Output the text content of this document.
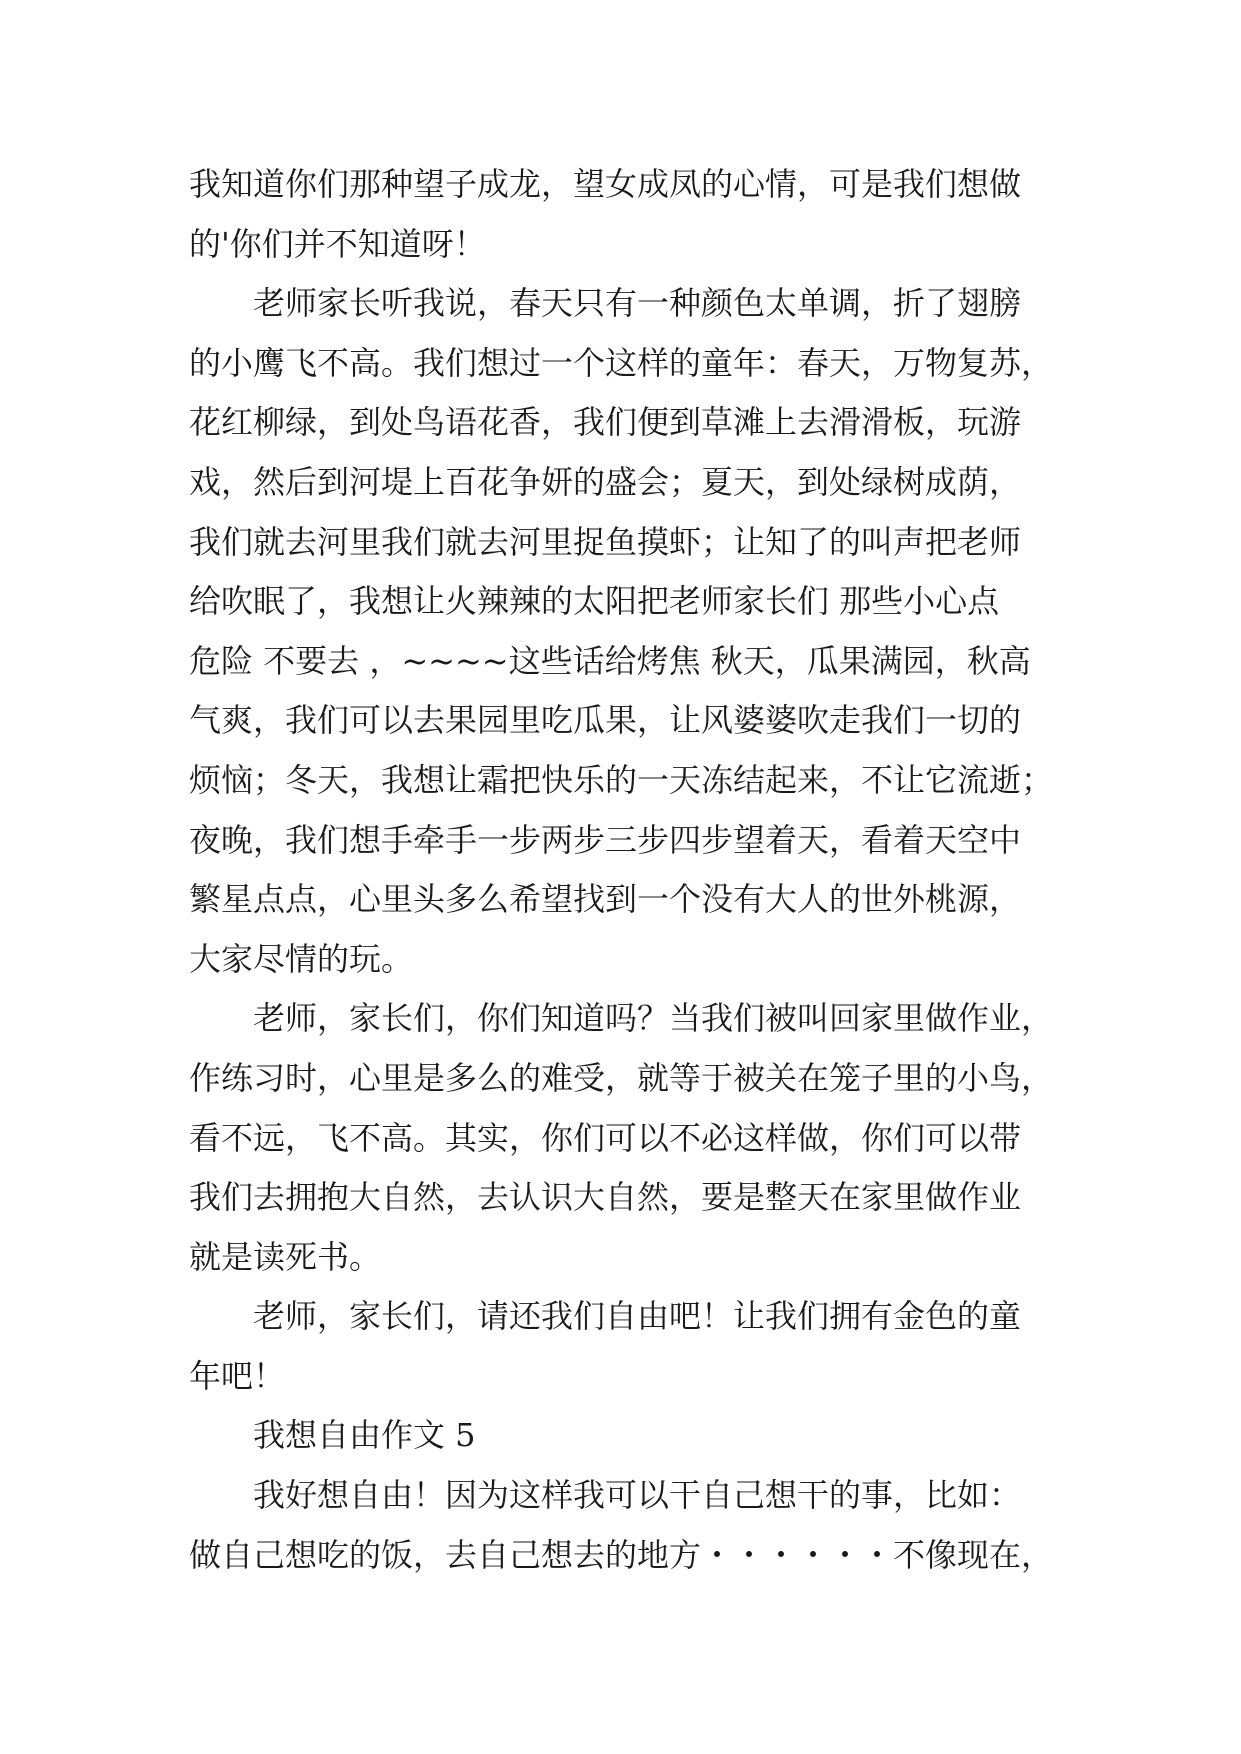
我知道你们那种望子成龙，望女成凤的心情，可是我们想做
的'你们并不知道呀！
老师家长听我说，春天只有一种颜色太单调，折了翅膀
的小鹰飞不高。我们想过一个这样的童年：春天，万物复苏，
花红柳绿，到处鸟语花香，我们便到草滩上去滑滑板，玩游
戏，然后到河堤上百花争妍的盛会；夏天，到处绿树成荫，
我们就去河里我们就去河里捉鱼摸虾；让知了的叫声把老师
给吹眠了，我想让火辣辣的太阳把老师家长们 那些小心点
危险 不要去 ，~~~~这些话给烤焦 秋天，瓜果满园，秋高
气爽，我们可以去果园里吃瓜果，让风婆婆吹走我们一切的
烦恼；冬天，我想让霜把快乐的一天冻结起来，不让它流逝；
夜晚，我们想手牵手一步两步三步四步望着天，看着天空中
繁星点点，心里头多么希望找到一个没有大人的世外桃源，
大家尽情的玩。
老师，家长们，你们知道吗？当我们被叫回家里做作业，
作练习时，心里是多么的难受，就等于被关在笼子里的小鸟，
看不远，飞不高。其实，你们可以不必这样做，你们可以带
我们去拥抱大自然，去认识大自然，要是整天在家里做作业
就是读死书。
老师，家长们，请还我们自由吧！让我们拥有金色的童
年吧！
我想自由作文 5
我好想自由！因为这样我可以干自己想干的事，比如：
做自己想吃的饭，去自己想去的地方・・・・・・不像现在，
